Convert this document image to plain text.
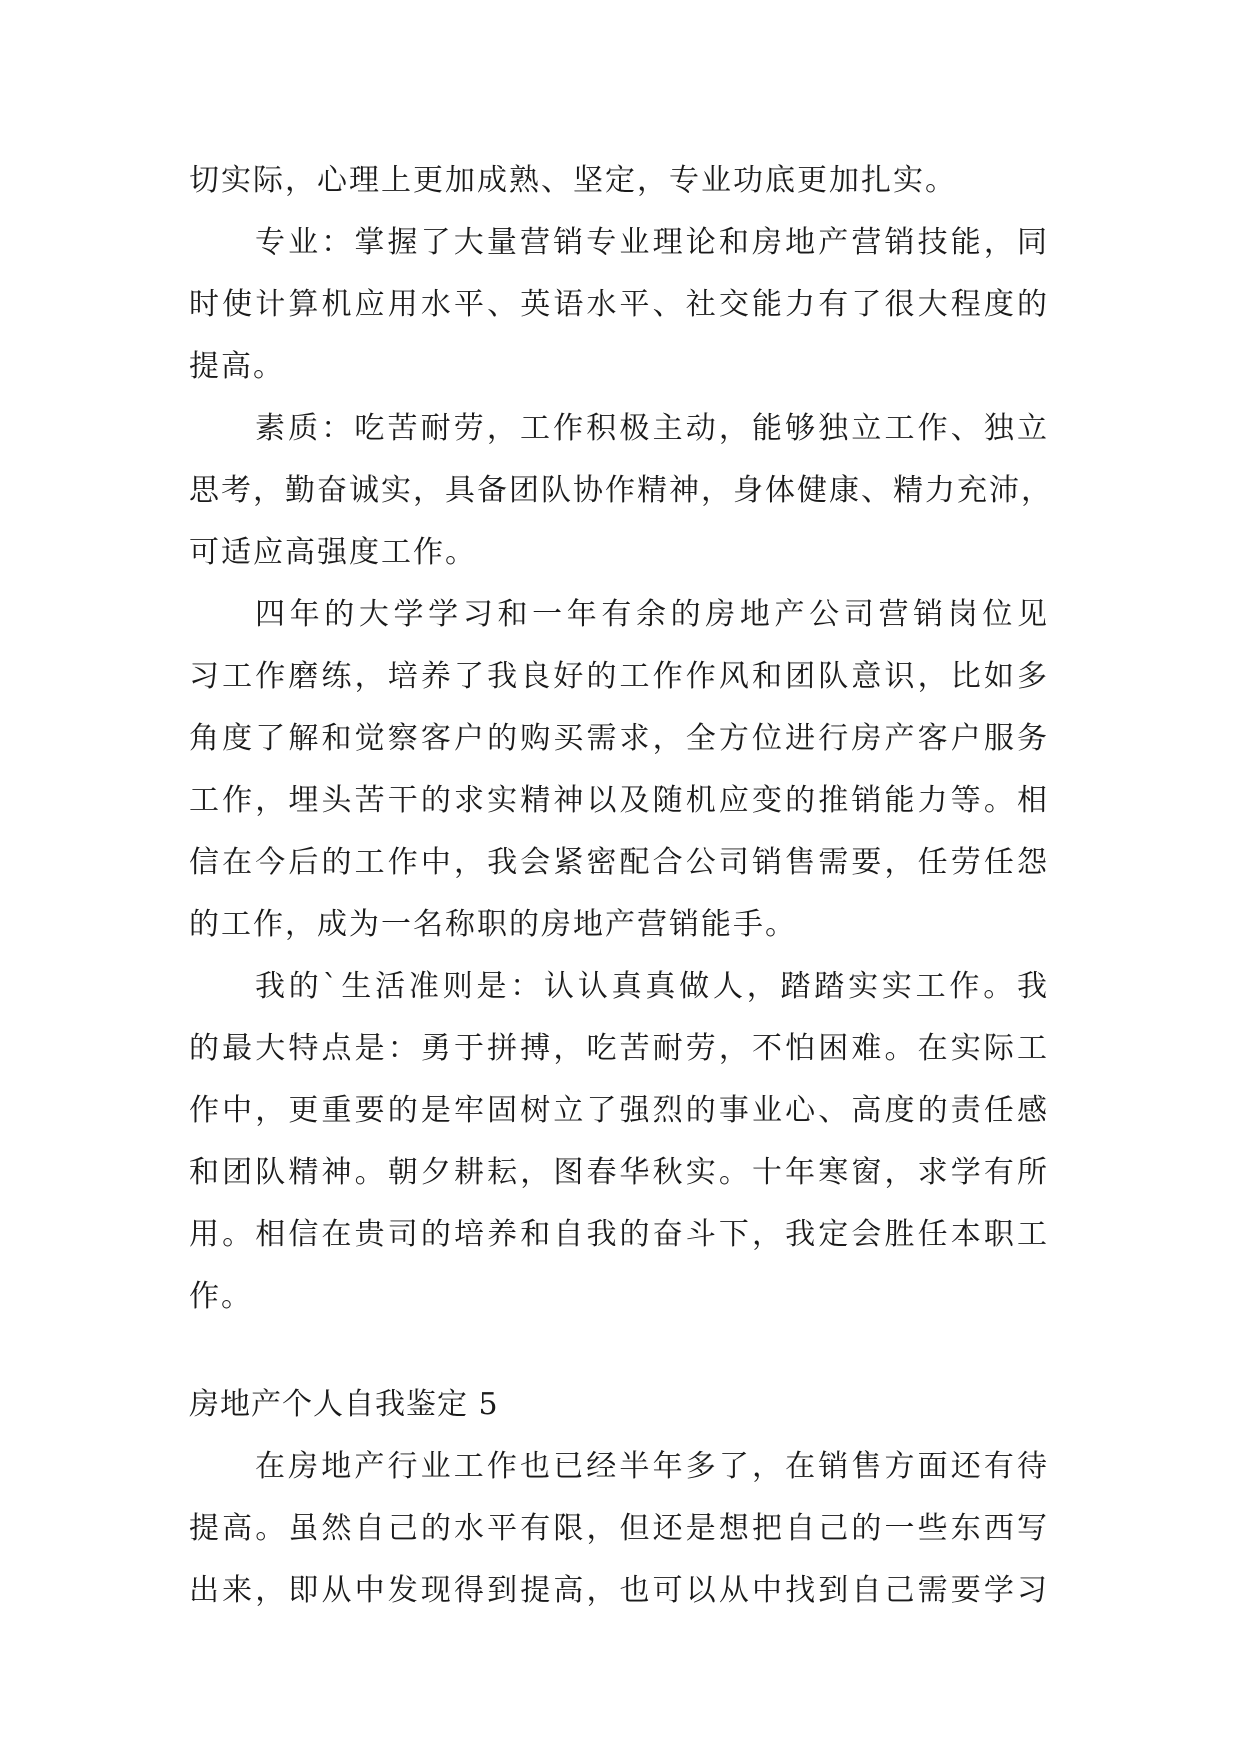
切实际，心理上更加成熟、坚定，专业功底更加扎实。
专业：掌握了大量营销专业理论和房地产营销技能，同
时使计算机应用水平、英语水平、社交能力有了很大程度的
提高。
素质：吃苦耐劳，工作积极主动，能够独立工作、独立
思考，勤奋诚实，具备团队协作精神，身体健康、精力充沛，
可适应高强度工作。
四年的大学学习和一年有余的房地产公司营销岗位见
习工作磨练，培养了我良好的工作作风和团队意识，比如多
角度了解和觉察客户的购买需求，全方位进行房产客户服务
工作，埋头苦干的求实精神以及随机应变的推销能力等。相
信在今后的工作中，我会紧密配合公司销售需要，任劳任怨
的工作，成为一名称职的房地产营销能手。
我的`生活准则是：认认真真做人，踏踏实实工作。我
的最大特点是：勇于拼搏，吃苦耐劳，不怕困难。在实际工
作中，更重要的是牢固树立了强烈的事业心、高度的责任感
和团队精神。朝夕耕耘，图春华秋实。十年寒窗，求学有所
用。相信在贵司的培养和自我的奋斗下，我定会胜任本职工
作。
房地产个人自我鉴定 5
在房地产行业工作也已经半年多了，在销售方面还有待
提高。虽然自己的水平有限，但还是想把自己的一些东西写
出来，即从中发现得到提高，也可以从中找到自己需要学习
